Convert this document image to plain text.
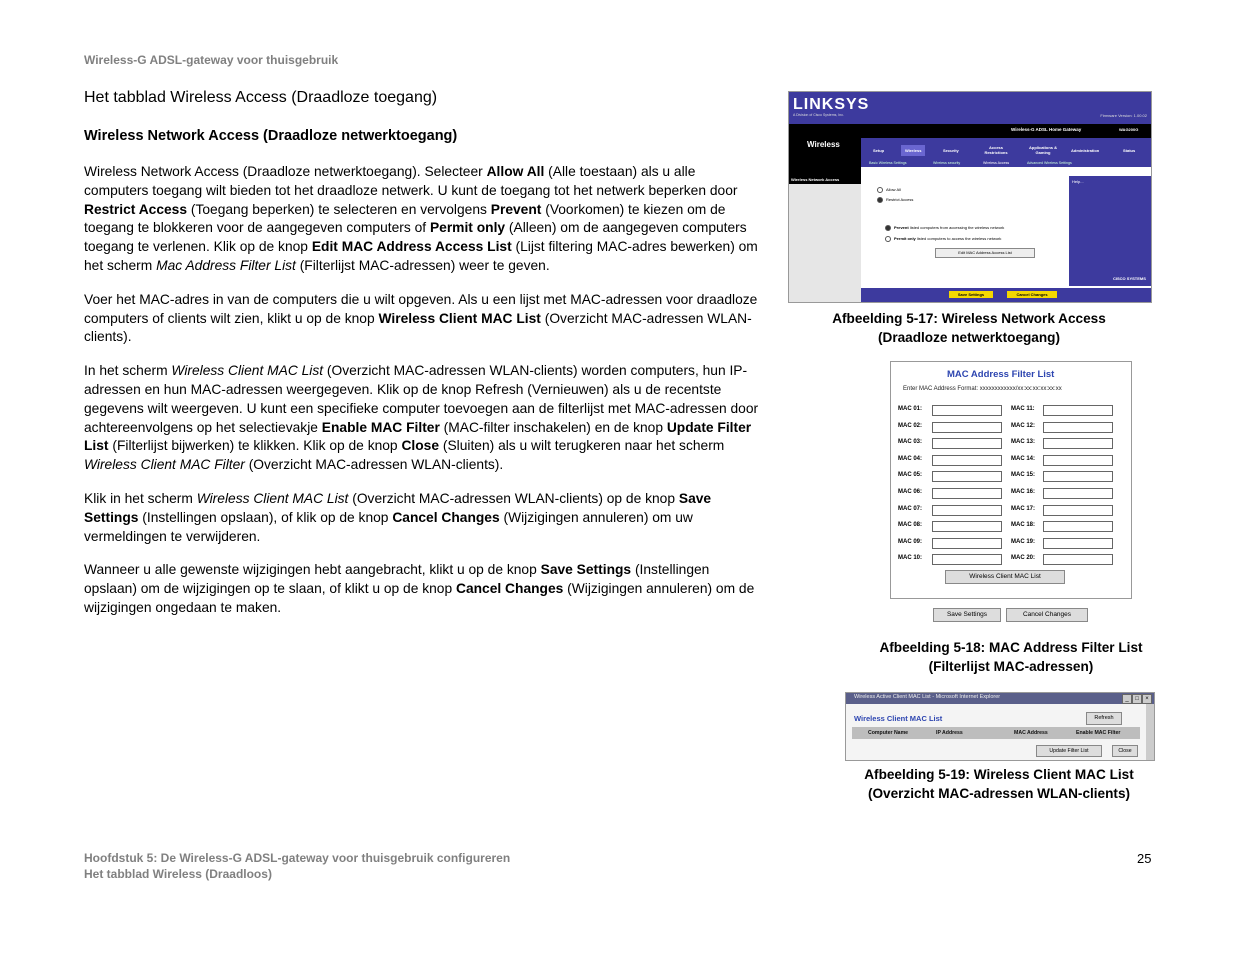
Wireless-G ADSL-gateway voor thuisgebruik
Het tabblad Wireless Access (Draadloze toegang)
Wireless Network Access (Draadloze netwerktoegang)

Wireless Network Access (Draadloze netwerktoegang). Selecteer Allow All (Alle toestaan) als u alle computers toegang wilt bieden tot het draadloze netwerk. U kunt de toegang tot het netwerk beperken door Restrict Access (Toegang beperken) te selecteren en vervolgens Prevent (Voorkomen) te kiezen om de toegang te blokkeren voor de aangegeven computers of Permit only (Alleen) om de aangegeven computers toegang te verlenen. Klik op de knop Edit MAC Address Access List (Lijst filtering MAC-adres bewerken) om het scherm Mac Address Filter List (Filterlijst MAC-adressen) weer te geven.

Voer het MAC-adres in van de computers die u wilt opgeven. Als u een lijst met MAC-adressen voor draadloze computers of clients wilt zien, klikt u op de knop Wireless Client MAC List (Overzicht MAC-adressen WLAN-clients).

In het scherm Wireless Client MAC List (Overzicht MAC-adressen WLAN-clients) worden computers, hun IP-adressen en hun MAC-adressen weergegeven. Klik op de knop Refresh (Vernieuwen) als u de recentste gegevens wilt weergeven. U kunt een specifieke computer toevoegen aan de filterlijst met MAC-adressen door achtereenvolgens op het selectievakje Enable MAC Filter (MAC-filter inschakelen) en de knop Update Filter List (Filterlijst bijwerken) te klikken. Klik op de knop Close (Sluiten) als u wilt terugkeren naar het scherm Wireless Client MAC Filter (Overzicht MAC-adressen WLAN-clients).

Klik in het scherm Wireless Client MAC List (Overzicht MAC-adressen WLAN-clients) op de knop Save Settings (Instellingen opslaan), of klik op de knop Cancel Changes (Wijzigingen annuleren) om uw vermeldingen te verwijderen.

Wanneer u alle gewenste wijzigingen hebt aangebracht, klikt u op de knop Save Settings (Instellingen opslaan) om de wijzigingen op te slaan, of klikt u op de knop Cancel Changes (Wijzigingen annuleren) om de wijzigingen ongedaan te maken.

LINKSYS
A Division of Cisco Systems, Inc.	Firmware Version: 1.00.02
Wireless
Wireless-G ADSL Home Gateway	WAG200G
Setup	Wireless	Security
Access Restrictions
Applications & Gaming	Administration	Status
Basic Wireless Settings	Wireless security	Wireless Access	Advanced Wireless Settings
Wireless Network Access
Allow All
Restrict Access
Prevent listed computers from accessing the wireless network
Permit only listed computers to access the wireless network
Edit MAC Address Access List
Help...
CISCO SYSTEMS
Save Settings	Cancel Changes
Afbeelding 5-17: Wireless Network Access
(Draadloze netwerktoegang)
MAC Address Filter List
Enter MAC Address Format: xxxxxxxxxxxx/xx:xx:xx:xx:xx:xx
MAC 01:
MAC 02:
MAC 03:
MAC 04:
MAC 05:
MAC 06:
MAC 07:
MAC 08:
MAC 09:
MAC 10:
MAC 11:
MAC 12:
MAC 13:
MAC 14:
MAC 15:
MAC 16:
MAC 17:
MAC 18:
MAC 19:
MAC 20:
Wireless Client MAC List
Save Settings	Cancel Changes
Afbeelding 5-18: MAC Address Filter List
(Filterlijst MAC-adressen)
Wireless Active Client MAC List - Microsoft Internet Explorer	_	□	×
Wireless Client MAC List	Refresh
Computer Name	IP Address	MAC Address	Enable MAC Filter
Update Filter List	Close
Afbeelding 5-19: Wireless Client MAC List
(Overzicht MAC-adressen WLAN-clients)
Hoofdstuk 5: De Wireless-G ADSL-gateway voor thuisgebruik configureren
Het tabblad Wireless (Draadloos)
25
